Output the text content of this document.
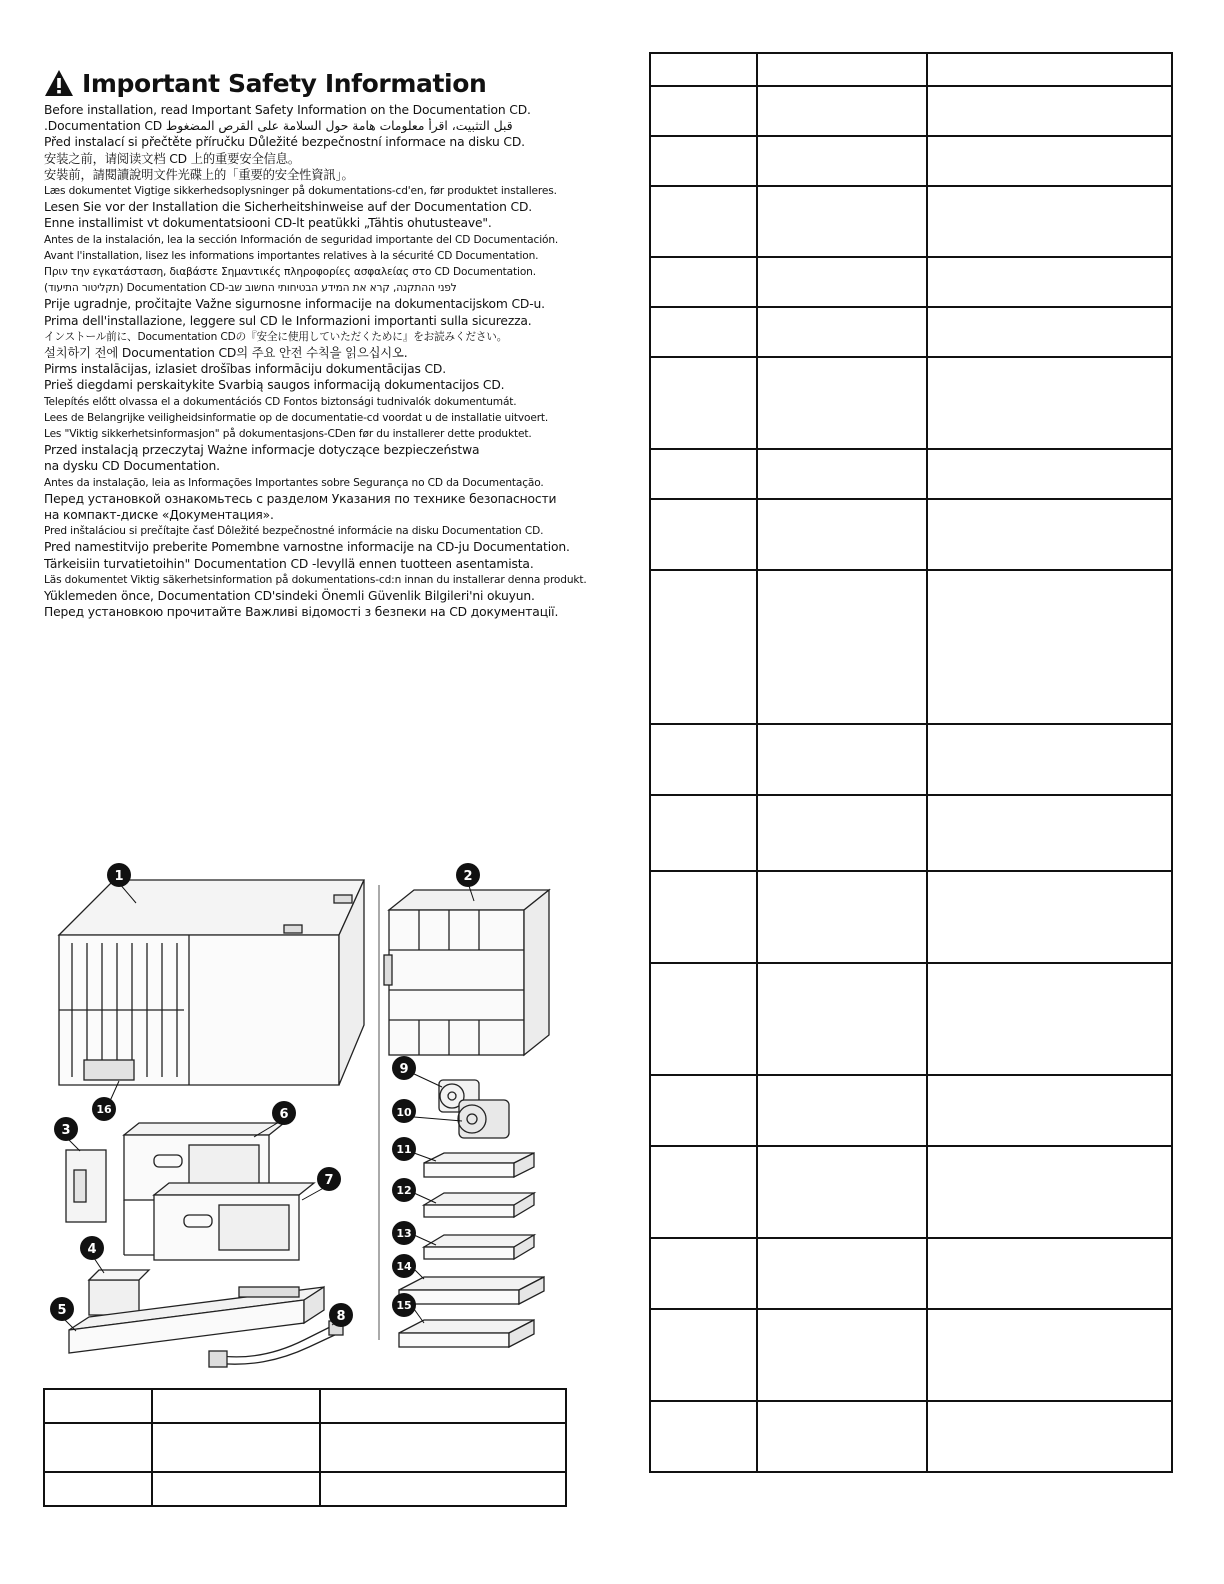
Important Safety Information
Before installation, read Important Safety Information on the Documentation CD.
.Documentation CD قبل التثبيت، اقرأ معلومات هامة حول السلامة على القرص المضغوط
Před instalací si přečtěte příručku Důležité bezpečnostní informace na disku CD.
安装之前，请阅读文档 CD 上的重要安全信息。
安裝前，請閱讀說明文件光碟上的「重要的安全性資訊」。
Læs dokumentet Vigtige sikkerhedsoplysninger på dokumentations-cd'en, før produktet installeres.
Lesen Sie vor der Installation die Sicherheitshinweise auf der Documentation CD.
Enne installimist vt dokumentatsiooni CD-lt peatükki „Tähtis ohutusteave".
Antes de la instalación, lea la sección Información de seguridad importante del CD Documentación.
Avant l'installation, lisez les informations importantes relatives à la sécurité CD Documentation.
Πριν την εγκατάσταση, διαβάστε Σημαντικές πληροφορίες ασφαλείας στο CD Documentation.
לפני ההתקנה, קרא את המידע הבטיחותי החשוב שב-Documentation CD (תקליטור התיעוד)
Prije ugradnje, pročitajte Važne sigurnosne informacije na dokumentacijskom CD-u.
Prima dell'installazione, leggere sul CD le Informazioni importanti sulla sicurezza.
インストール前に、Documentation CDの『安全に使用していただくために』をお読みください。
설치하기 전에 Documentation CD의 주요 안전 수칙을 읽으십시오.
Pirms instalācijas, izlasiet drošības informāciju dokumentācijas CD.
Prieš diegdami perskaitykite Svarbią saugos informaciją dokumentacijos CD.
Telepítés előtt olvassa el a dokumentációs CD Fontos biztonsági tudnivalók dokumentumát.
Lees de Belangrijke veiligheidsinformatie op de documentatie-cd voordat u de installatie uitvoert.
Les "Viktig sikkerhetsinformasjon" på dokumentasjons-CDen før du installerer dette produktet.
Przed instalacją przeczytaj Ważne informacje dotyczące bezpieczeństwa
na dysku CD Documentation.
Antes da instalação, leia as Informações Importantes sobre Segurança no CD da Documentação.
Перед установкой ознакомьтесь с разделом Указания по технике безопасности
на компакт-диске «Документация».
Pred inštaláciou si prečítajte časť Dôležité bezpečnostné informácie na disku Documentation CD.
Pred namestitvijo preberite Pomembne varnostne informacije na CD-ju Documentation.
Tärkeisiin turvatietoihin" Documentation CD -levyllä ennen tuotteen asentamista.
Läs dokumentet Viktig säkerhetsinformation på dokumentations-cd:n innan du installerar denna produkt.
Yüklemeden önce, Documentation CD'sindeki Önemli Güvenlik Bilgileri'ni okuyun.
Перед установкою прочитайте Важливі відомості з безпеки на CD документації.
1	2
3
4
5
6
7
8
9
10
11
12
13
14
15
16
